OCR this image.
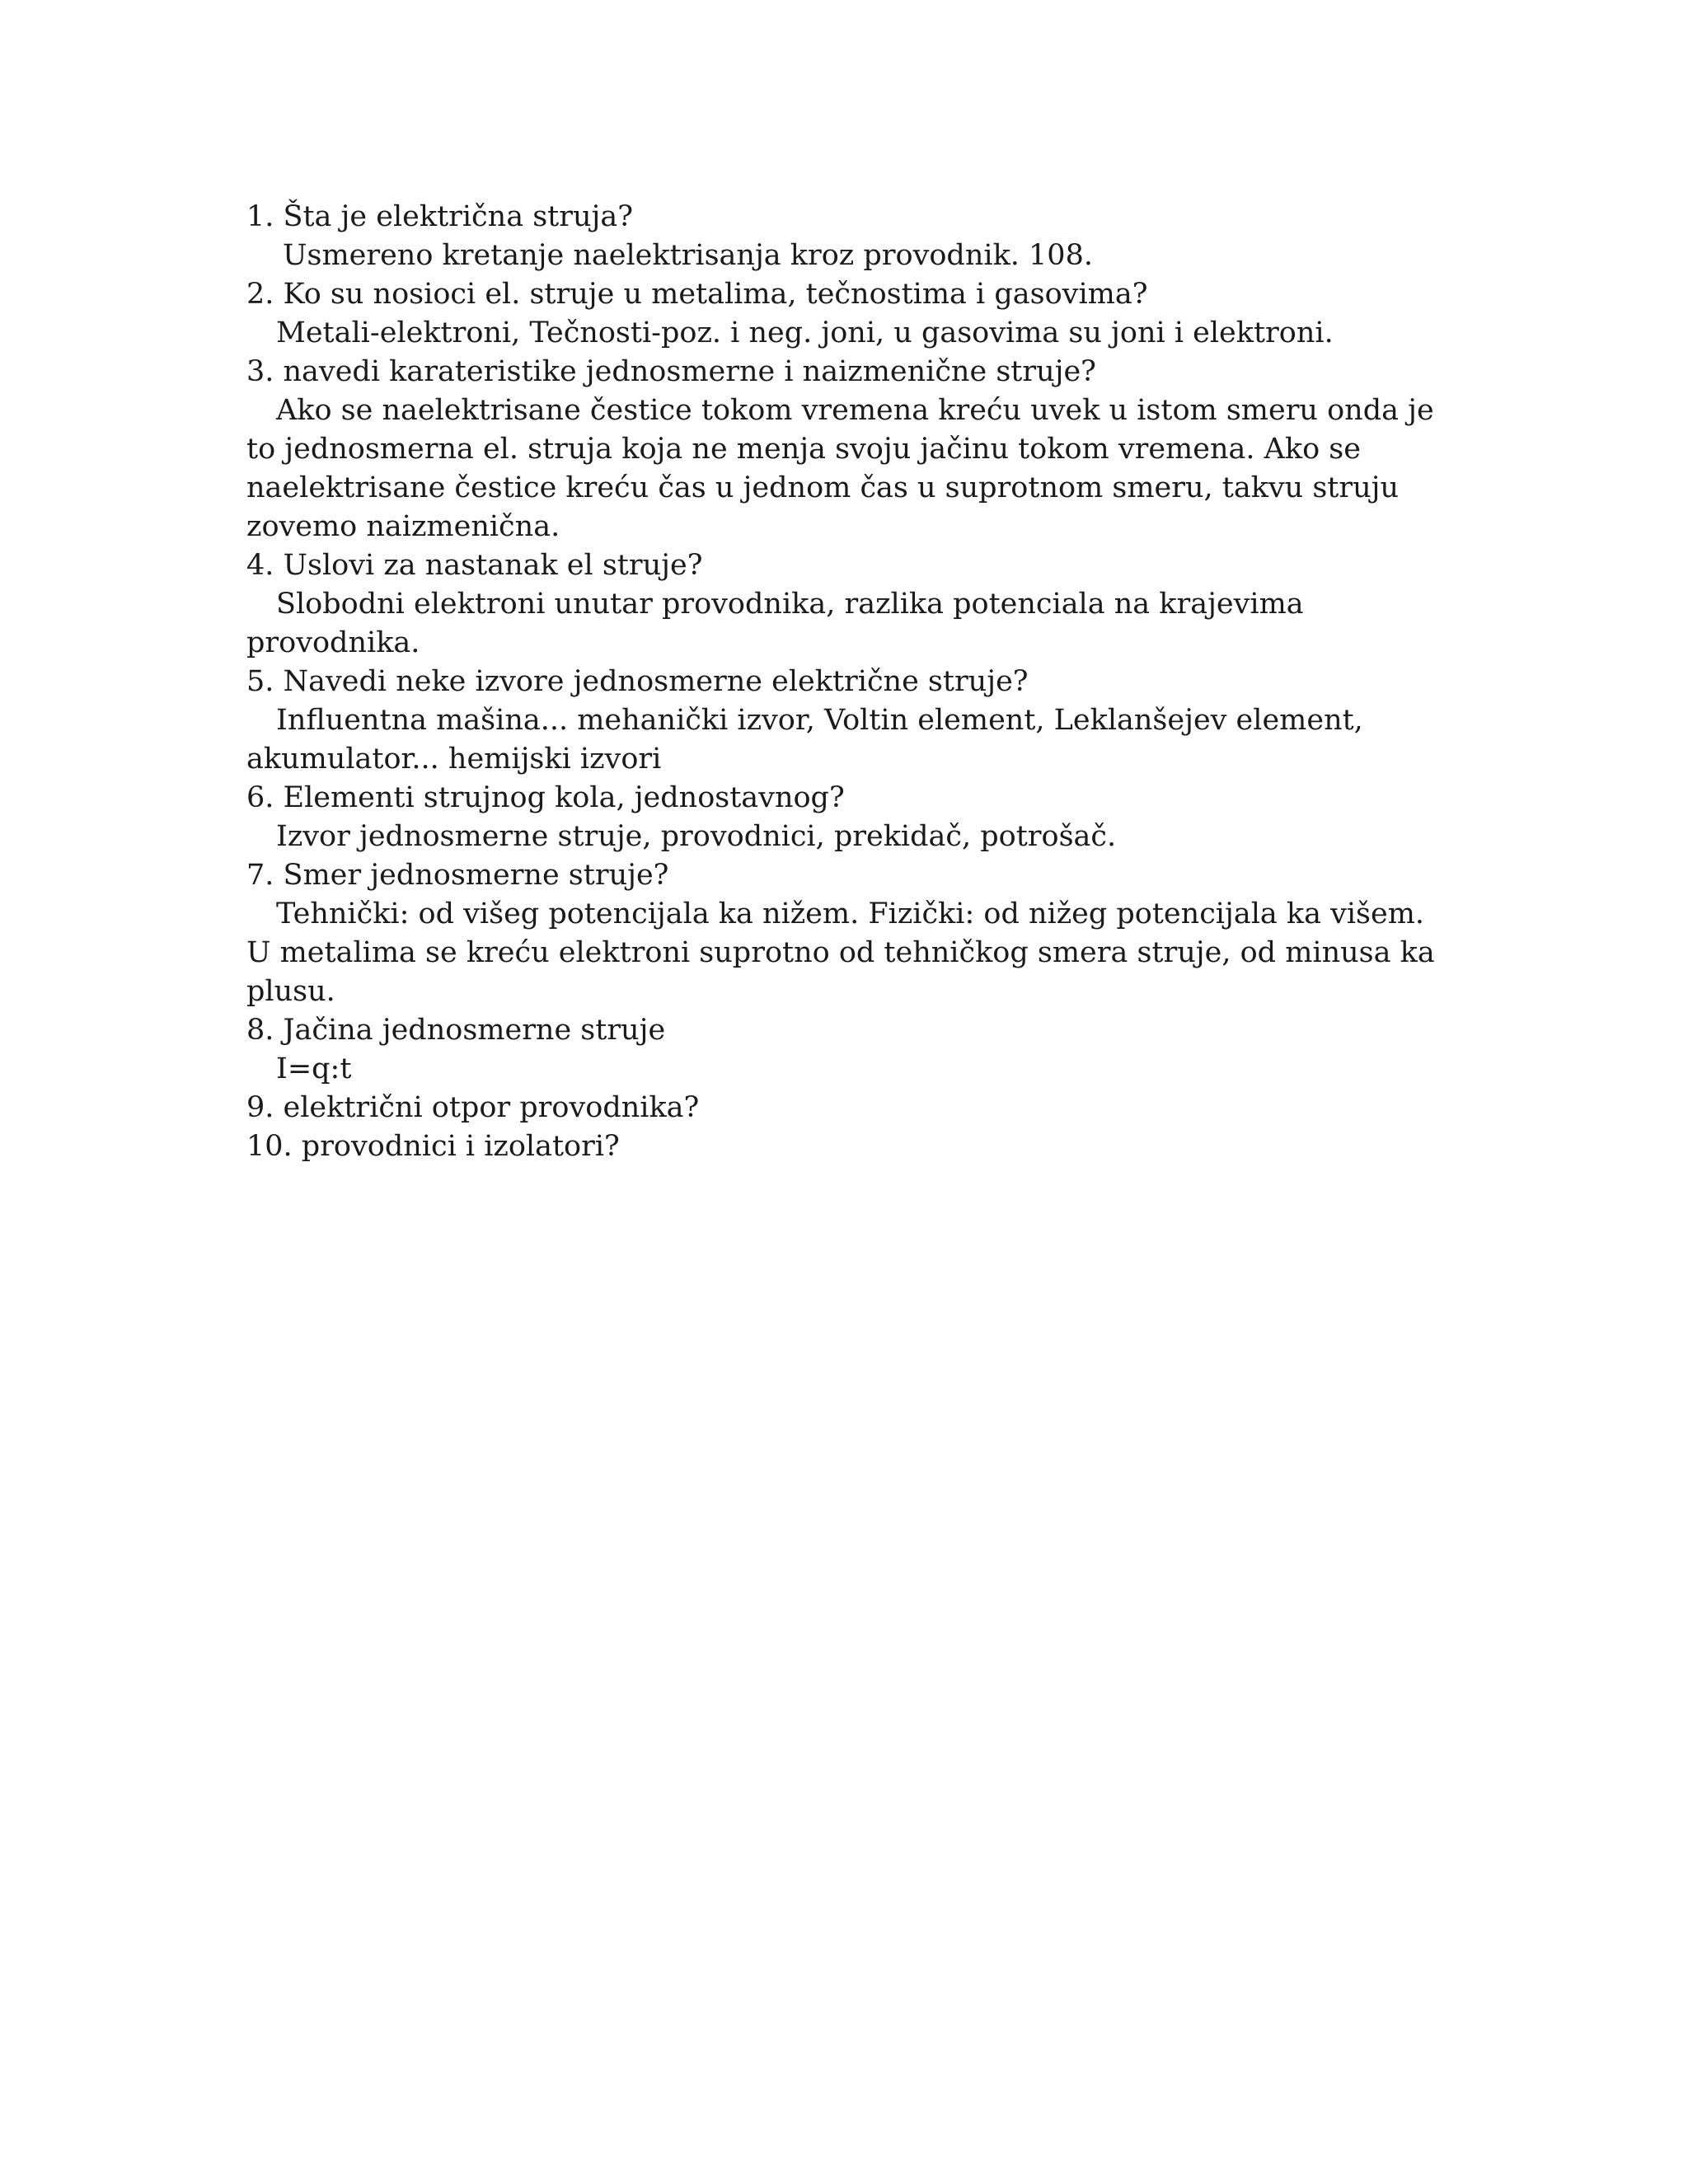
1. Šta je električna struja?

Usmereno kretanje naelektrisanja kroz provodnik. 108.

2. Ko su nosioci el. struje u metalima, tečnostima i gasovima?

Metali-elektroni, Tečnosti-poz. i neg. joni, u gasovima su joni i elektroni.

3. navedi karateristike jednosmerne i naizmenične struje?

Ako se naelektrisane čestice tokom vremena kreću uvek u istom smeru onda je to jednosmerna el. struja koja ne menja svoju jačinu tokom vremena. Ako se naelektrisane čestice kreću čas u jednom čas u suprotnom smeru, takvu struju zovemo naizmenična.

4. Uslovi za nastanak el struje?

Slobodni elektroni unutar provodnika, razlika potenciala na krajevima provodnika.

5. Navedi neke izvore jednosmerne električne struje?

Influentna mašina... mehanički izvor, Voltin element, Leklanšejev element, akumulator... hemijski izvori

6. Elementi strujnog kola, jednostavnog?

Izvor jednosmerne struje, provodnici, prekidač, potrošač.

7. Smer jednosmerne struje?

Tehnički: od višeg potencijala ka nižem. Fizički: od nižeg potencijala ka višem. U metalima se kreću elektroni suprotno od tehničkog smera struje, od minusa ka plusu.

8. Jačina jednosmerne struje

I=q:t

9. električni otpor provodnika?

10. provodnici i izolatori?
